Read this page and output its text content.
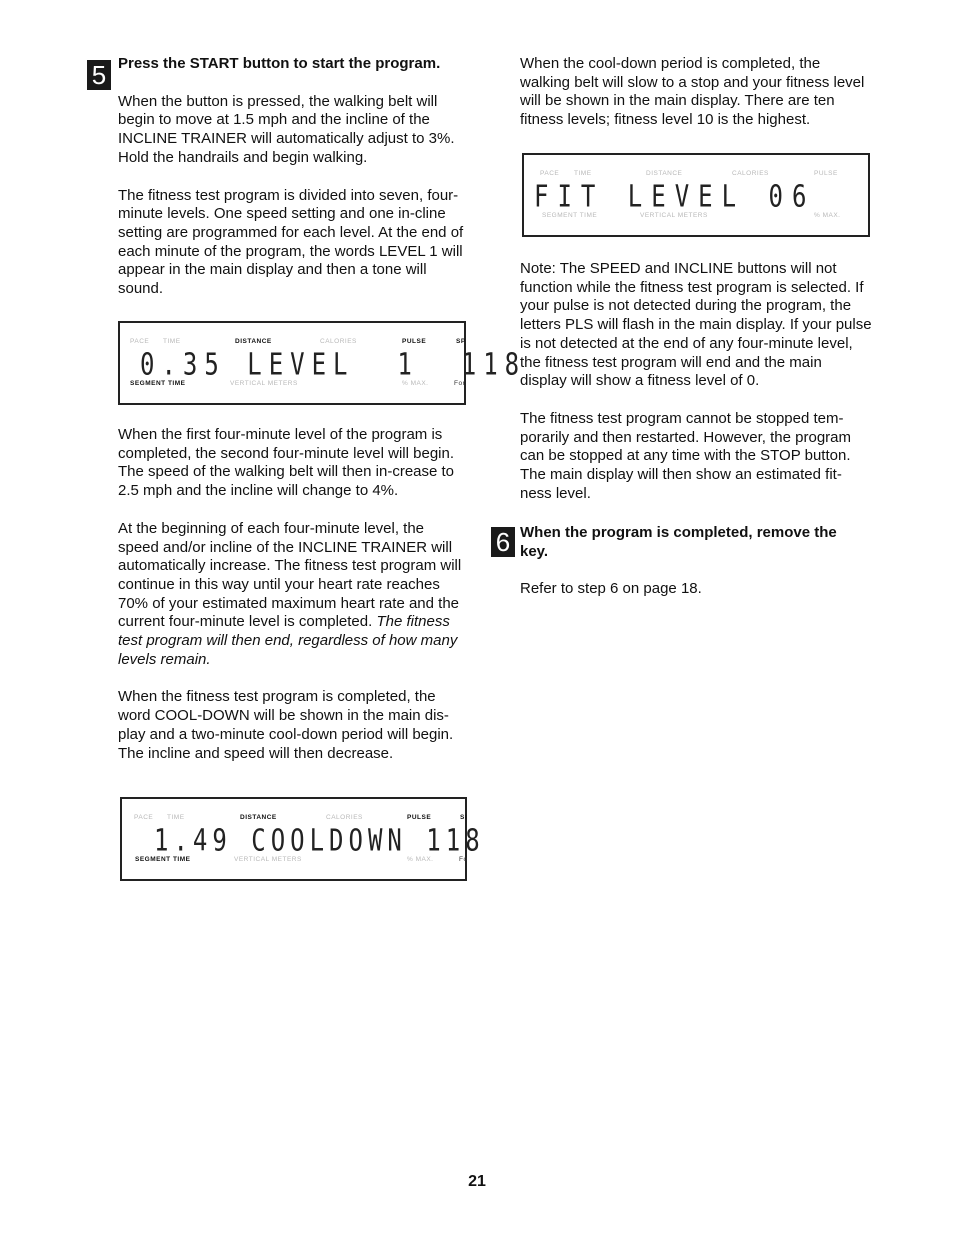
5 Press the START button to start the program.

When the button is pressed, the walking belt will begin to move at 1.5 mph and the incline of the INCLINE TRAINER will automatically adjust to 3%. Hold the handrails and begin walking.

The fitness test program is divided into seven, four-minute levels. One speed setting and one in-cline setting are programmed for each level. At the end of each minute of the program, the words LEVEL 1 will appear in the main display and then a tone will sound.

PACE TIME	DISTANCE	CALORIES	PULSE	SP
0.35 LEVEL  1  118
SEGMENT TIME	VERTICAL METERS	% MAX.	For

When the first four-minute level of the program is completed, the second four-minute level will begin. The speed of the walking belt will then in-crease to 2.5 mph and the incline will change to 4%.

At the beginning of each four-minute level, the speed and/or incline of the INCLINE TRAINER will automatically increase. The fitness test program will continue in this way until your heart rate reaches 70% of your estimated maximum heart rate and the current four-minute level is completed. The fitness test program will then end, regardless of how many levels remain.

When the fitness test program is completed, the word COOL-DOWN will be shown in the main dis-play and a two-minute cool-down period will begin. The incline and speed will then decrease.

PACE TIME	DISTANCE	CALORIES	PULSE	SI
1.49 COOLDOWN 118
SEGMENT TIME	VERTICAL METERS	% MAX.	Fo

When the cool-down period is completed, the walking belt will slow to a stop and your fitness level will be shown in the main display. There are ten fitness levels; fitness level 10 is the highest.

PACE TIME	DISTANCE	CALORIES	PULSE
FIT LEVEL 06
SEGMENT TIME	VERTICAL METERS	% MAX.

Note: The SPEED and INCLINE buttons will not function while the fitness test program is selected. If your pulse is not detected during the program, the letters PLS will flash in the main display. If your pulse is not detected at the end of any four-minute level, the fitness test program will end and the main display will show a fitness level of 0.

The fitness test program cannot be stopped tem-porarily and then restarted. However, the program can be stopped at any time with the STOP button. The main display will then show an estimated fit-ness level.

6 When the program is completed, remove the key.

Refer to step 6 on page 18.

21
